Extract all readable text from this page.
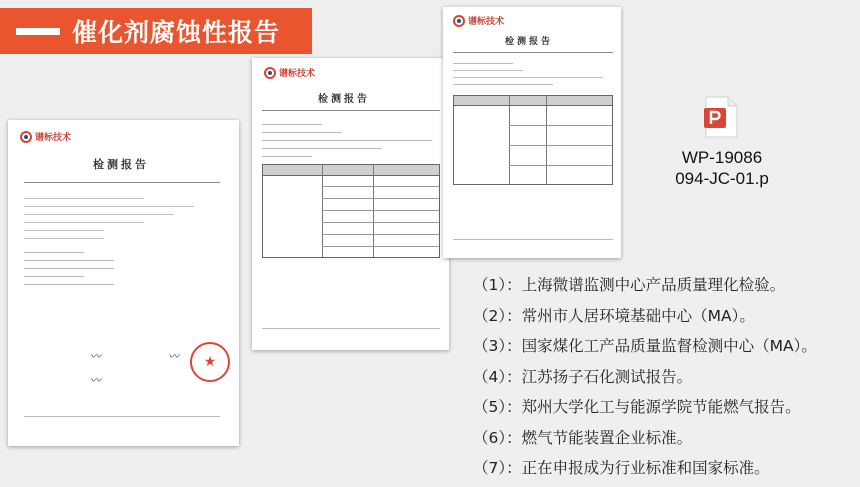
催化剂腐蚀性报告
谱标技术
检测报告
〰︎	〰︎
〰︎
★
谱标技术
检测报告
谱标技术
检测报告
WP-19086
094-JC-01.p
（1）：上海微谱监测中心产品质量理化检验。
（2）：常州市人居环境基础中心（MA）。
（3）：国家煤化工产品质量监督检测中心（MA）。
（4）：江苏扬子石化测试报告。
（5）：郑州大学化工与能源学院节能燃气报告。
（6）：燃气节能装置企业标准。
（7）：正在申报成为行业标准和国家标准。
